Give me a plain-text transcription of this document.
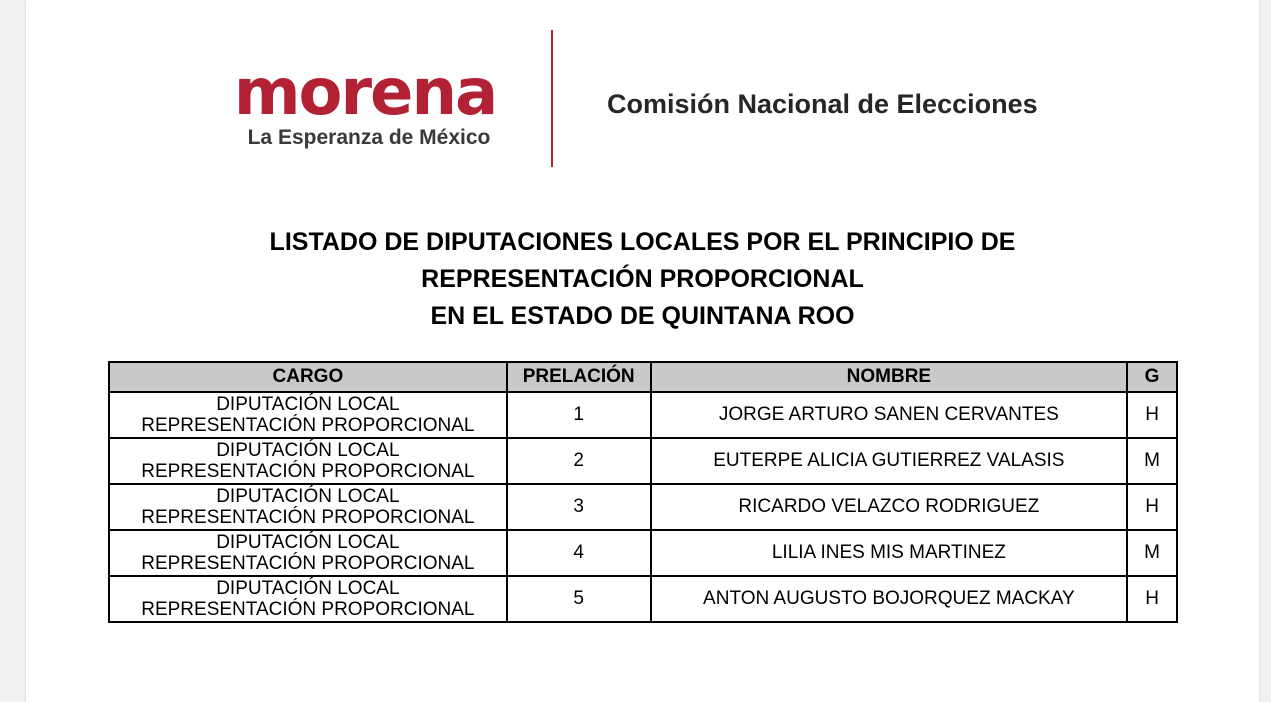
morena
La Esperanza de México
Comisión Nacional de Elecciones
LISTADO DE DIPUTACIONES LOCALES POR EL PRINCIPIO DE
REPRESENTACIÓN PROPORCIONAL
EN EL ESTADO DE QUINTANA ROO
CARGO	PRELACIÓN	NOMBRE	G

DIPUTACIÓN LOCAL
REPRESENTACIÓN PROPORCIONAL	1	JORGE ARTURO SANEN CERVANTES	H

DIPUTACIÓN LOCAL
REPRESENTACIÓN PROPORCIONAL	2	EUTERPE ALICIA GUTIERREZ VALASIS	M

DIPUTACIÓN LOCAL
REPRESENTACIÓN PROPORCIONAL	3	RICARDO VELAZCO RODRIGUEZ	H

DIPUTACIÓN LOCAL
REPRESENTACIÓN PROPORCIONAL	4	LILIA INES MIS MARTINEZ	M

DIPUTACIÓN LOCAL
REPRESENTACIÓN PROPORCIONAL	5	ANTON AUGUSTO BOJORQUEZ MACKAY	H
